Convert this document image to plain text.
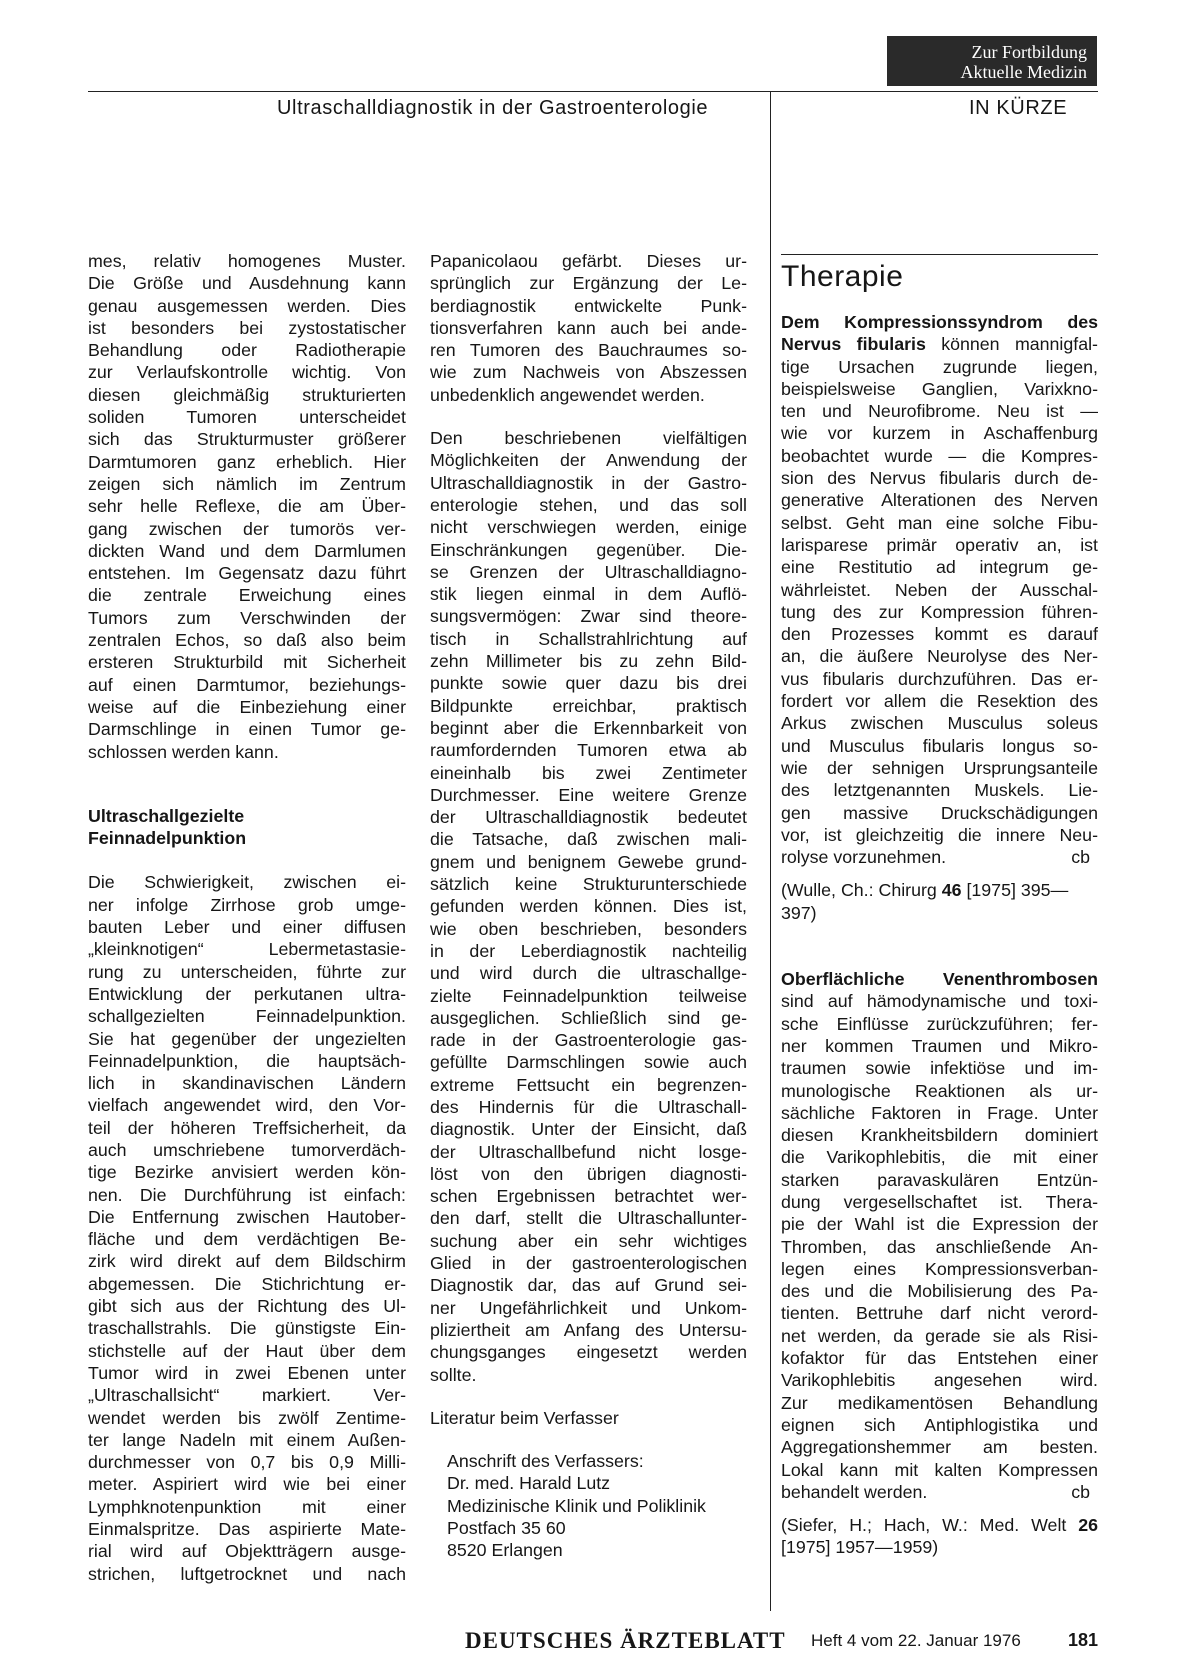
Zur Fortbildung
Aktuelle Medizin
Ultraschalldiagnostik in der Gastroenterologie	IN KÜRZE

mes, relativ homogenes Muster.
Die Größe und Ausdehnung kann
genau ausgemessen werden. Dies
ist besonders bei zystostatischer
Behandlung oder Radiotherapie
zur Verlaufskontrolle wichtig. Von
diesen gleichmäßig strukturierten
soliden Tumoren unterscheidet
sich das Strukturmuster größerer
Darmtumoren ganz erheblich. Hier
zeigen sich nämlich im Zentrum
sehr helle Reflexe, die am Über-
gang zwischen der tumorös ver-
dickten Wand und dem Darmlumen
entstehen. Im Gegensatz dazu führt
die zentrale Erweichung eines
Tumors zum Verschwinden der
zentralen Echos, so daß also beim
ersteren Strukturbild mit Sicherheit
auf einen Darmtumor, beziehungs-
weise auf die Einbeziehung einer
Darmschlinge in einen Tumor ge-
schlossen werden kann.

Ultraschallgezielte
Feinnadelpunktion

Die Schwierigkeit, zwischen ei-
ner infolge Zirrhose grob umge-
bauten Leber und einer diffusen
„kleinknotigen“ Lebermetastasie-
rung zu unterscheiden, führte zur
Entwicklung der perkutanen ultra-
schallgezielten Feinnadelpunktion.
Sie hat gegenüber der ungezielten
Feinnadelpunktion, die hauptsäch-
lich in skandinavischen Ländern
vielfach angewendet wird, den Vor-
teil der höheren Treffsicherheit, da
auch umschriebene tumorverdäch-
tige Bezirke anvisiert werden kön-
nen. Die Durchführung ist einfach:
Die Entfernung zwischen Hautober-
fläche und dem verdächtigen Be-
zirk wird direkt auf dem Bildschirm
abgemessen. Die Stichrichtung er-
gibt sich aus der Richtung des Ul-
traschallstrahls. Die günstigste Ein-
stichstelle auf der Haut über dem
Tumor wird in zwei Ebenen unter
„Ultraschallsicht“ markiert. Ver-
wendet werden bis zwölf Zentime-
ter lange Nadeln mit einem Außen-
durchmesser von 0,7 bis 0,9 Milli-
meter. Aspiriert wird wie bei einer
Lymphknotenpunktion mit einer
Einmalspritze. Das aspirierte Mate-
rial wird auf Objektträgern ausge-
strichen, luftgetrocknet und nach

Papanicolaou gefärbt. Dieses ur-
sprünglich zur Ergänzung der Le-
berdiagnostik entwickelte Punk-
tionsverfahren kann auch bei ande-
ren Tumoren des Bauchraumes so-
wie zum Nachweis von Abszessen
unbedenklich angewendet werden.

Den beschriebenen vielfältigen
Möglichkeiten der Anwendung der
Ultraschalldiagnostik in der Gastro-
enterologie stehen, und das soll
nicht verschwiegen werden, einige
Einschränkungen gegenüber. Die-
se Grenzen der Ultraschalldiagno-
stik liegen einmal in dem Auflö-
sungsvermögen: Zwar sind theore-
tisch in Schallstrahlrichtung auf
zehn Millimeter bis zu zehn Bild-
punkte sowie quer dazu bis drei
Bildpunkte erreichbar, praktisch
beginnt aber die Erkennbarkeit von
raumfordernden Tumoren etwa ab
eineinhalb bis zwei Zentimeter
Durchmesser. Eine weitere Grenze
der Ultraschalldiagnostik bedeutet
die Tatsache, daß zwischen mali-
gnem und benignem Gewebe grund-
sätzlich keine Strukturunterschiede
gefunden werden können. Dies ist,
wie oben beschrieben, besonders
in der Leberdiagnostik nachteilig
und wird durch die ultraschallge-
zielte Feinnadelpunktion teilweise
ausgeglichen. Schließlich sind ge-
rade in der Gastroenterologie gas-
gefüllte Darmschlingen sowie auch
extreme Fettsucht ein begrenzen-
des Hindernis für die Ultraschall-
diagnostik. Unter der Einsicht, daß
der Ultraschallbefund nicht losge-
löst von den übrigen diagnosti-
schen Ergebnissen betrachtet wer-
den darf, stellt die Ultraschallunter-
suchung aber ein sehr wichtiges
Glied in der gastroenterologischen
Diagnostik dar, das auf Grund sei-
ner Ungefährlichkeit und Unkom-
pliziertheit am Anfang des Untersu-
chungsganges eingesetzt werden
sollte.

Literatur beim Verfasser
Anschrift des Verfassers:
Dr. med. Harald Lutz
Medizinische Klinik und Poliklinik
Postfach 35 60
8520 Erlangen
Therapie
Dem Kompressionssyndrom des
Nervus fibularis können mannigfal-
tige Ursachen zugrunde liegen,
beispielsweise Ganglien, Varixkno-
ten und Neurofibrome. Neu ist —
wie vor kurzem in Aschaffenburg
beobachtet wurde — die Kompres-
sion des Nervus fibularis durch de-
generative Alterationen des Nerven
selbst. Geht man eine solche Fibu-
larisparese primär operativ an, ist
eine Restitutio ad integrum ge-
währleistet. Neben der Ausschal-
tung des zur Kompression führen-
den Prozesses kommt es darauf
an, die äußere Neurolyse des Ner-
vus fibularis durchzuführen. Das er-
fordert vor allem die Resektion des
Arkus zwischen Musculus soleus
und Musculus fibularis longus so-
wie der sehnigen Ursprungsanteile
des letztgenannten Muskels. Lie-
gen massive Druckschädigungen
vor, ist gleichzeitig die innere Neu-
rolyse vorzunehmen.	cb
(Wulle, Ch.: Chirurg 46 [1975] 395—
397)
Oberflächliche Venenthrombosen
sind auf hämodynamische und toxi-
sche Einflüsse zurückzuführen; fer-
ner kommen Traumen und Mikro-
traumen sowie infektiöse und im-
munologische Reaktionen als ur-
sächliche Faktoren in Frage. Unter
diesen Krankheitsbildern dominiert
die Varikophlebitis, die mit einer
starken paravaskulären Entzün-
dung vergesellschaftet ist. Thera-
pie der Wahl ist die Expression der
Thromben, das anschließende An-
legen eines Kompressionsverban-
des und die Mobilisierung des Pa-
tienten. Bettruhe darf nicht verord-
net werden, da gerade sie als Risi-
kofaktor für das Entstehen einer
Varikophlebitis angesehen wird.
Zur medikamentösen Behandlung
eignen sich Antiphlogistika und
Aggregationshemmer am besten.
Lokal kann mit kalten Kompressen
behandelt werden.	cb
(Siefer, H.; Hach, W.: Med. Welt 26
[1975] 1957—1959)
DEUTSCHES ÄRZTEBLATT Heft 4 vom 22. Januar 1976	181
